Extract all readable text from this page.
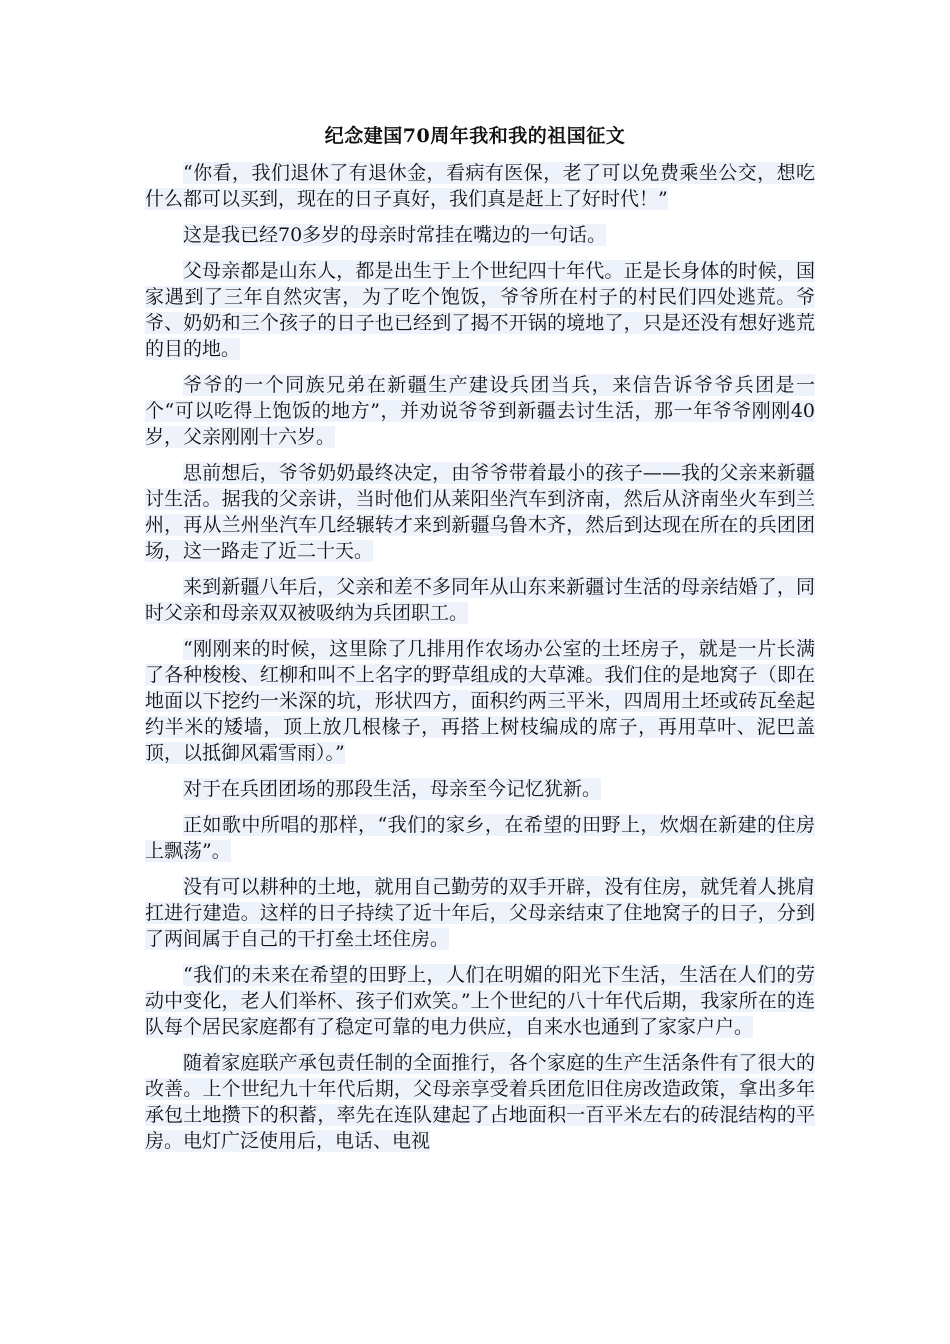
纪念建国70周年我和我的祖国征文

“你看，我们退休了有退休金，看病有医保，老了可以免费乘坐公交，想吃什么都可以买到，现在的日子真好，我们真是赶上了好时代！”

这是我已经70多岁的母亲时常挂在嘴边的一句话。

父母亲都是山东人，都是出生于上个世纪四十年代。正是长身体的时候，国家遇到了三年自然灾害，为了吃个饱饭，爷爷所在村子的村民们四处逃荒。爷爷、奶奶和三个孩子的日子也已经到了揭不开锅的境地了，只是还没有想好逃荒的目的地。

爷爷的一个同族兄弟在新疆生产建设兵团当兵，来信告诉爷爷兵团是一个“可以吃得上饱饭的地方”，并劝说爷爷到新疆去讨生活，那一年爷爷刚刚40岁，父亲刚刚十六岁。

思前想后，爷爷奶奶最终决定，由爷爷带着最小的孩子——我的父亲来新疆讨生活。据我的父亲讲，当时他们从莱阳坐汽车到济南，然后从济南坐火车到兰州，再从兰州坐汽车几经辗转才来到新疆乌鲁木齐，然后到达现在所在的兵团团场，这一路走了近二十天。

来到新疆八年后，父亲和差不多同年从山东来新疆讨生活的母亲结婚了，同时父亲和母亲双双被吸纳为兵团职工。

“刚刚来的时候，这里除了几排用作农场办公室的土坯房子，就是一片长满了各种梭梭、红柳和叫不上名字的野草组成的大草滩。我们住的是地窝子（即在地面以下挖约一米深的坑，形状四方，面积约两三平米，四周用土坯或砖瓦垒起约半米的矮墙，顶上放几根椽子，再搭上树枝编成的席子，再用草叶、泥巴盖顶，以抵御风霜雪雨）。”

对于在兵团团场的那段生活，母亲至今记忆犹新。

正如歌中所唱的那样，“我们的家乡，在希望的田野上，炊烟在新建的住房上飘荡”。

没有可以耕种的土地，就用自己勤劳的双手开辟，没有住房，就凭着人挑肩扛进行建造。这样的日子持续了近十年后，父母亲结束了住地窝子的日子，分到了两间属于自己的干打垒土坯住房。

“我们的未来在希望的田野上，人们在明媚的阳光下生活，生活在人们的劳动中变化，老人们举杯、孩子们欢笑。”上个世纪的八十年代后期，我家所在的连队每个居民家庭都有了稳定可靠的电力供应，自来水也通到了家家户户。

随着家庭联产承包责任制的全面推行，各个家庭的生产生活条件有了很大的改善。上个世纪九十年代后期，父母亲享受着兵团危旧住房改造政策，拿出多年承包土地攒下的积蓄，率先在连队建起了占地面积一百平米左右的砖混结构的平房。电灯广泛使用后，电话、电视
